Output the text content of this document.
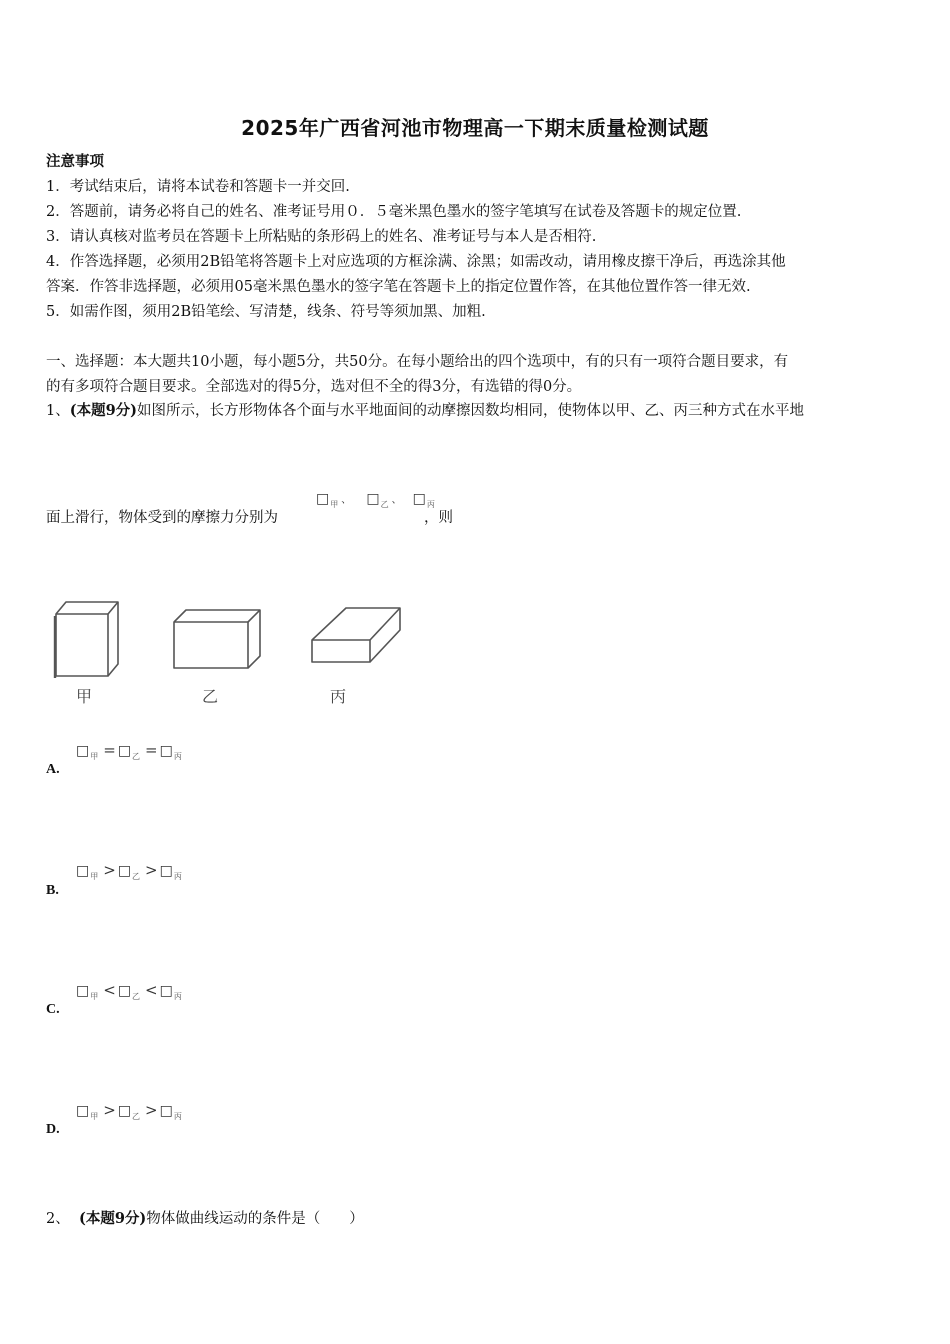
2025年广西省河池市物理高一下期末质量检测试题
注意事项
1．考试结束后，请将本试卷和答题卡一并交回.
2．答题前，请务必将自己的姓名、准考证号用０．５毫米黑色墨水的签字笔填写在试卷及答题卡的规定位置.
3．请认真核对监考员在答题卡上所粘贴的条形码上的姓名、准考证号与本人是否相符.
4．作答选择题，必须用2B铅笔将答题卡上对应选项的方框涂满、涂黑；如需改动，请用橡皮擦干净后，再选涂其他
答案．作答非选择题，必须用05毫米黑色墨水的签字笔在答题卡上的指定位置作答，在其他位置作答一律无效.
5．如需作图，须用2B铅笔绘、写清楚，线条、符号等须加黑、加粗.
一、选择题：本大题共10小题，每小题5分，共50分。在每小题给出的四个选项中，有的只有一项符合题目要求，有
的有多项符合题目要求。全部选对的得5分，选对但不全的得3分，有选错的得0分。
1、(本题9分)如图所示，长方形物体各个面与水平地面间的动摩擦因数均相同，使物体以甲、乙、丙三种方式在水平地
□甲 、 □乙 、 □丙
面上滑行，物体受到的摩擦力分别为	，则
甲	乙	丙
□甲 = □乙 = □丙
A.
□甲 > □乙 > □丙
B.
□甲 < □乙 < □丙
C.
□甲 > □乙 > □丙
D.
2、 (本题9分)物体做曲线运动的条件是（　　）
